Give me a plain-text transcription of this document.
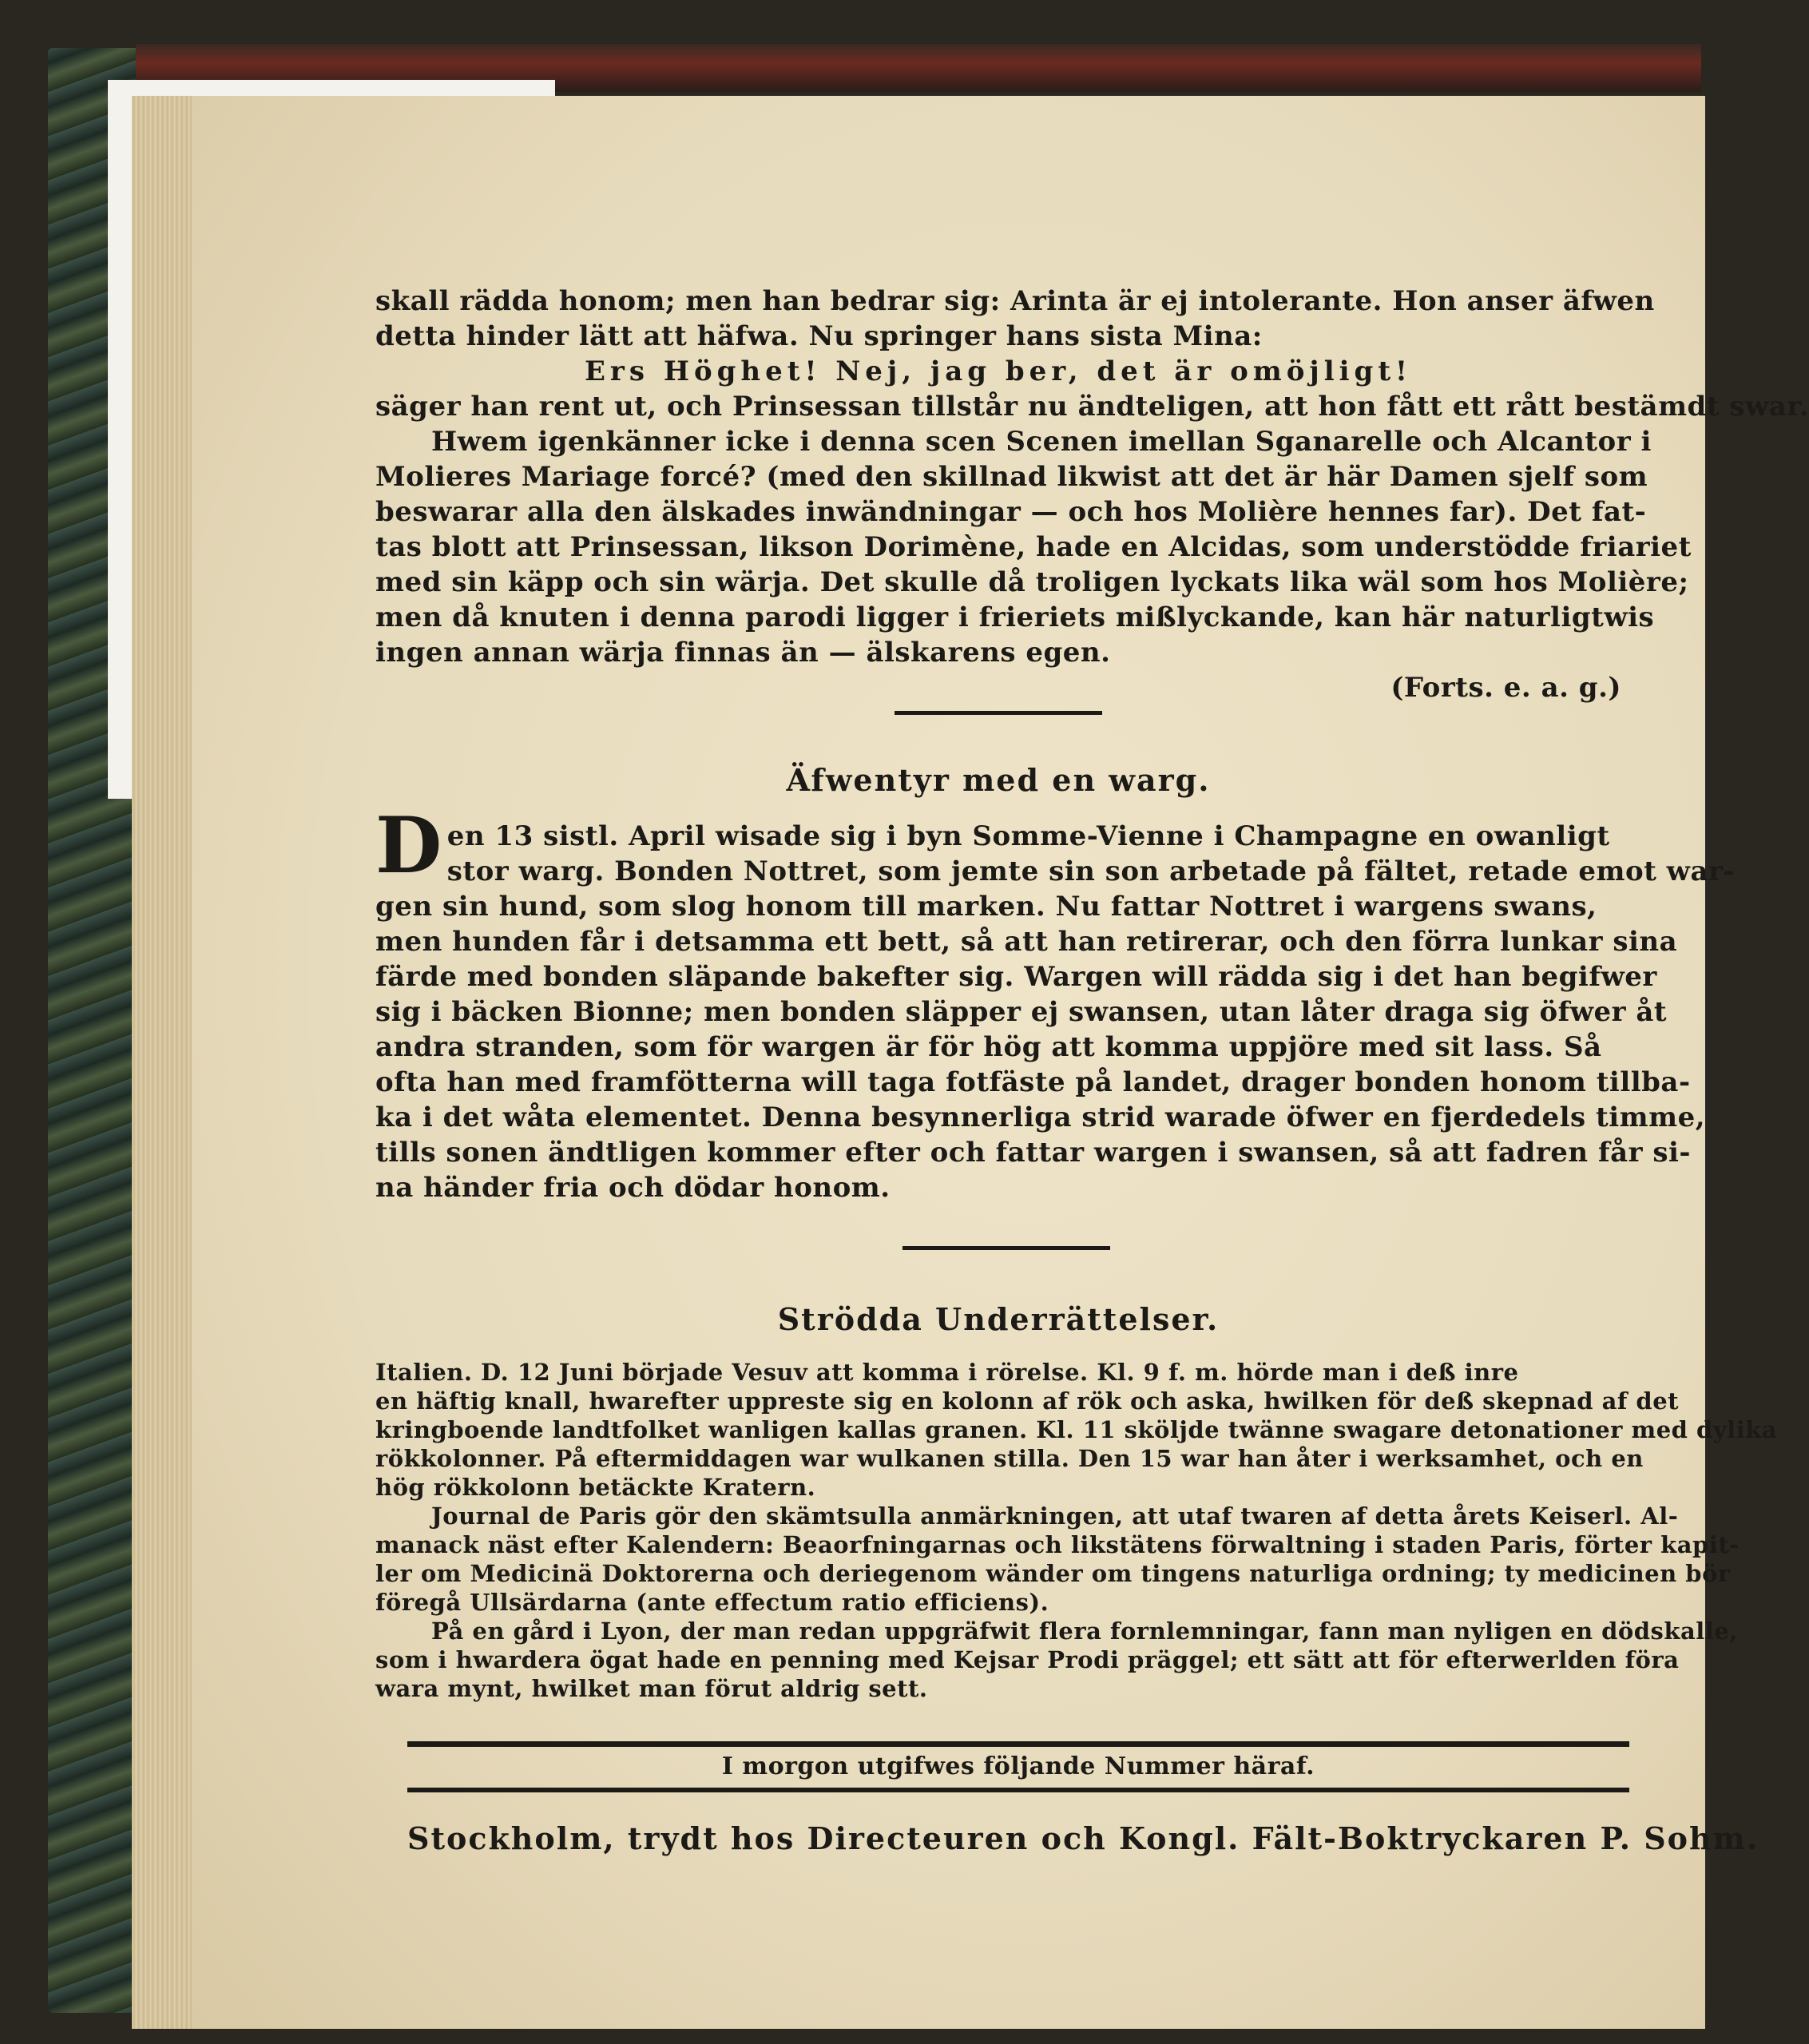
skall rädda honom; men han bedrar sig: Arinta är ej intolerante. Hon anser äfwen
detta hinder lätt att häfwa. Nu springer hans sista Mina:
Ers Höghet! Nej, jag ber, det är omöjligt!
säger han rent ut, och Prinsessan tillstår nu ändteligen, att hon fått ett rått bestämdt swar.
Hwem igenkänner icke i denna scen Scenen imellan Sganarelle och Alcantor i
Molieres Mariage forcé? (med den skillnad likwist att det är här Damen sjelf som
beswarar alla den älskades inwändningar — och hos Molière hennes far). Det fat-
tas blott att Prinsessan, likson Dorimène, hade en Alcidas, som understödde friariet
med sin käpp och sin wärja. Det skulle då troligen lyckats lika wäl som hos Molière;
men då knuten i denna parodi ligger i frieriets mißlyckande, kan här naturligtwis
ingen annan wärja finnas än — älskarens egen.
(Forts. e. a. g.)
Äfwentyr med en warg.
Den 13 sistl. April wisade sig i byn Somme-Vienne i Champagne en owanligt
stor warg. Bonden Nottret, som jemte sin son arbetade på fältet, retade emot war-
gen sin hund, som slog honom till marken. Nu fattar Nottret i wargens swans,
men hunden får i detsamma ett bett, så att han retirerar, och den förra lunkar sina
färde med bonden släpande bakefter sig. Wargen will rädda sig i det han begifwer
sig i bäcken Bionne; men bonden släpper ej swansen, utan låter draga sig öfwer åt
andra stranden, som för wargen är för hög att komma uppjöre med sit lass. Så
ofta han med framfötterna will taga fotfäste på landet, drager bonden honom tillba-
ka i det wåta elementet. Denna besynnerliga strid warade öfwer en fjerdedels timme,
tills sonen ändtligen kommer efter och fattar wargen i swansen, så att fadren får si-
na händer fria och dödar honom.
Strödda Underrättelser.
Italien. D. 12 Juni började Vesuv att komma i rörelse. Kl. 9 f. m. hörde man i deß inre
en häftig knall, hwarefter uppreste sig en kolonn af rök och aska, hwilken för deß skepnad af det
kringboende landtfolket wanligen kallas granen. Kl. 11 sköljde twänne swagare detonationer med dylika
rökkolonner. På eftermiddagen war wulkanen stilla. Den 15 war han åter i werksamhet, och en
hög rökkolonn betäckte Kratern.
Journal de Paris gör den skämtsulla anmärkningen, att utaf twaren af detta årets Keiserl. Al-
manack näst efter Kalendern: Beaorfningarnas och likstätens förwaltning i staden Paris, förter kapit-
ler om Medicinä Doktorerna och deriegenom wänder om tingens naturliga ordning; ty medicinen bör
föregå Ullsärdarna (ante effectum ratio efficiens).
På en gård i Lyon, der man redan uppgräfwit flera fornlemningar, fann man nyligen en dödskalle,
som i hwardera ögat hade en penning med Kejsar Prodi präggel; ett sätt att för efterwerlden föra
wara mynt, hwilket man förut aldrig sett.
I morgon utgifwes följande Nummer häraf.
Stockholm, trydt hos Directeuren och Kongl. Fält-Boktryckaren P. Sohm.
